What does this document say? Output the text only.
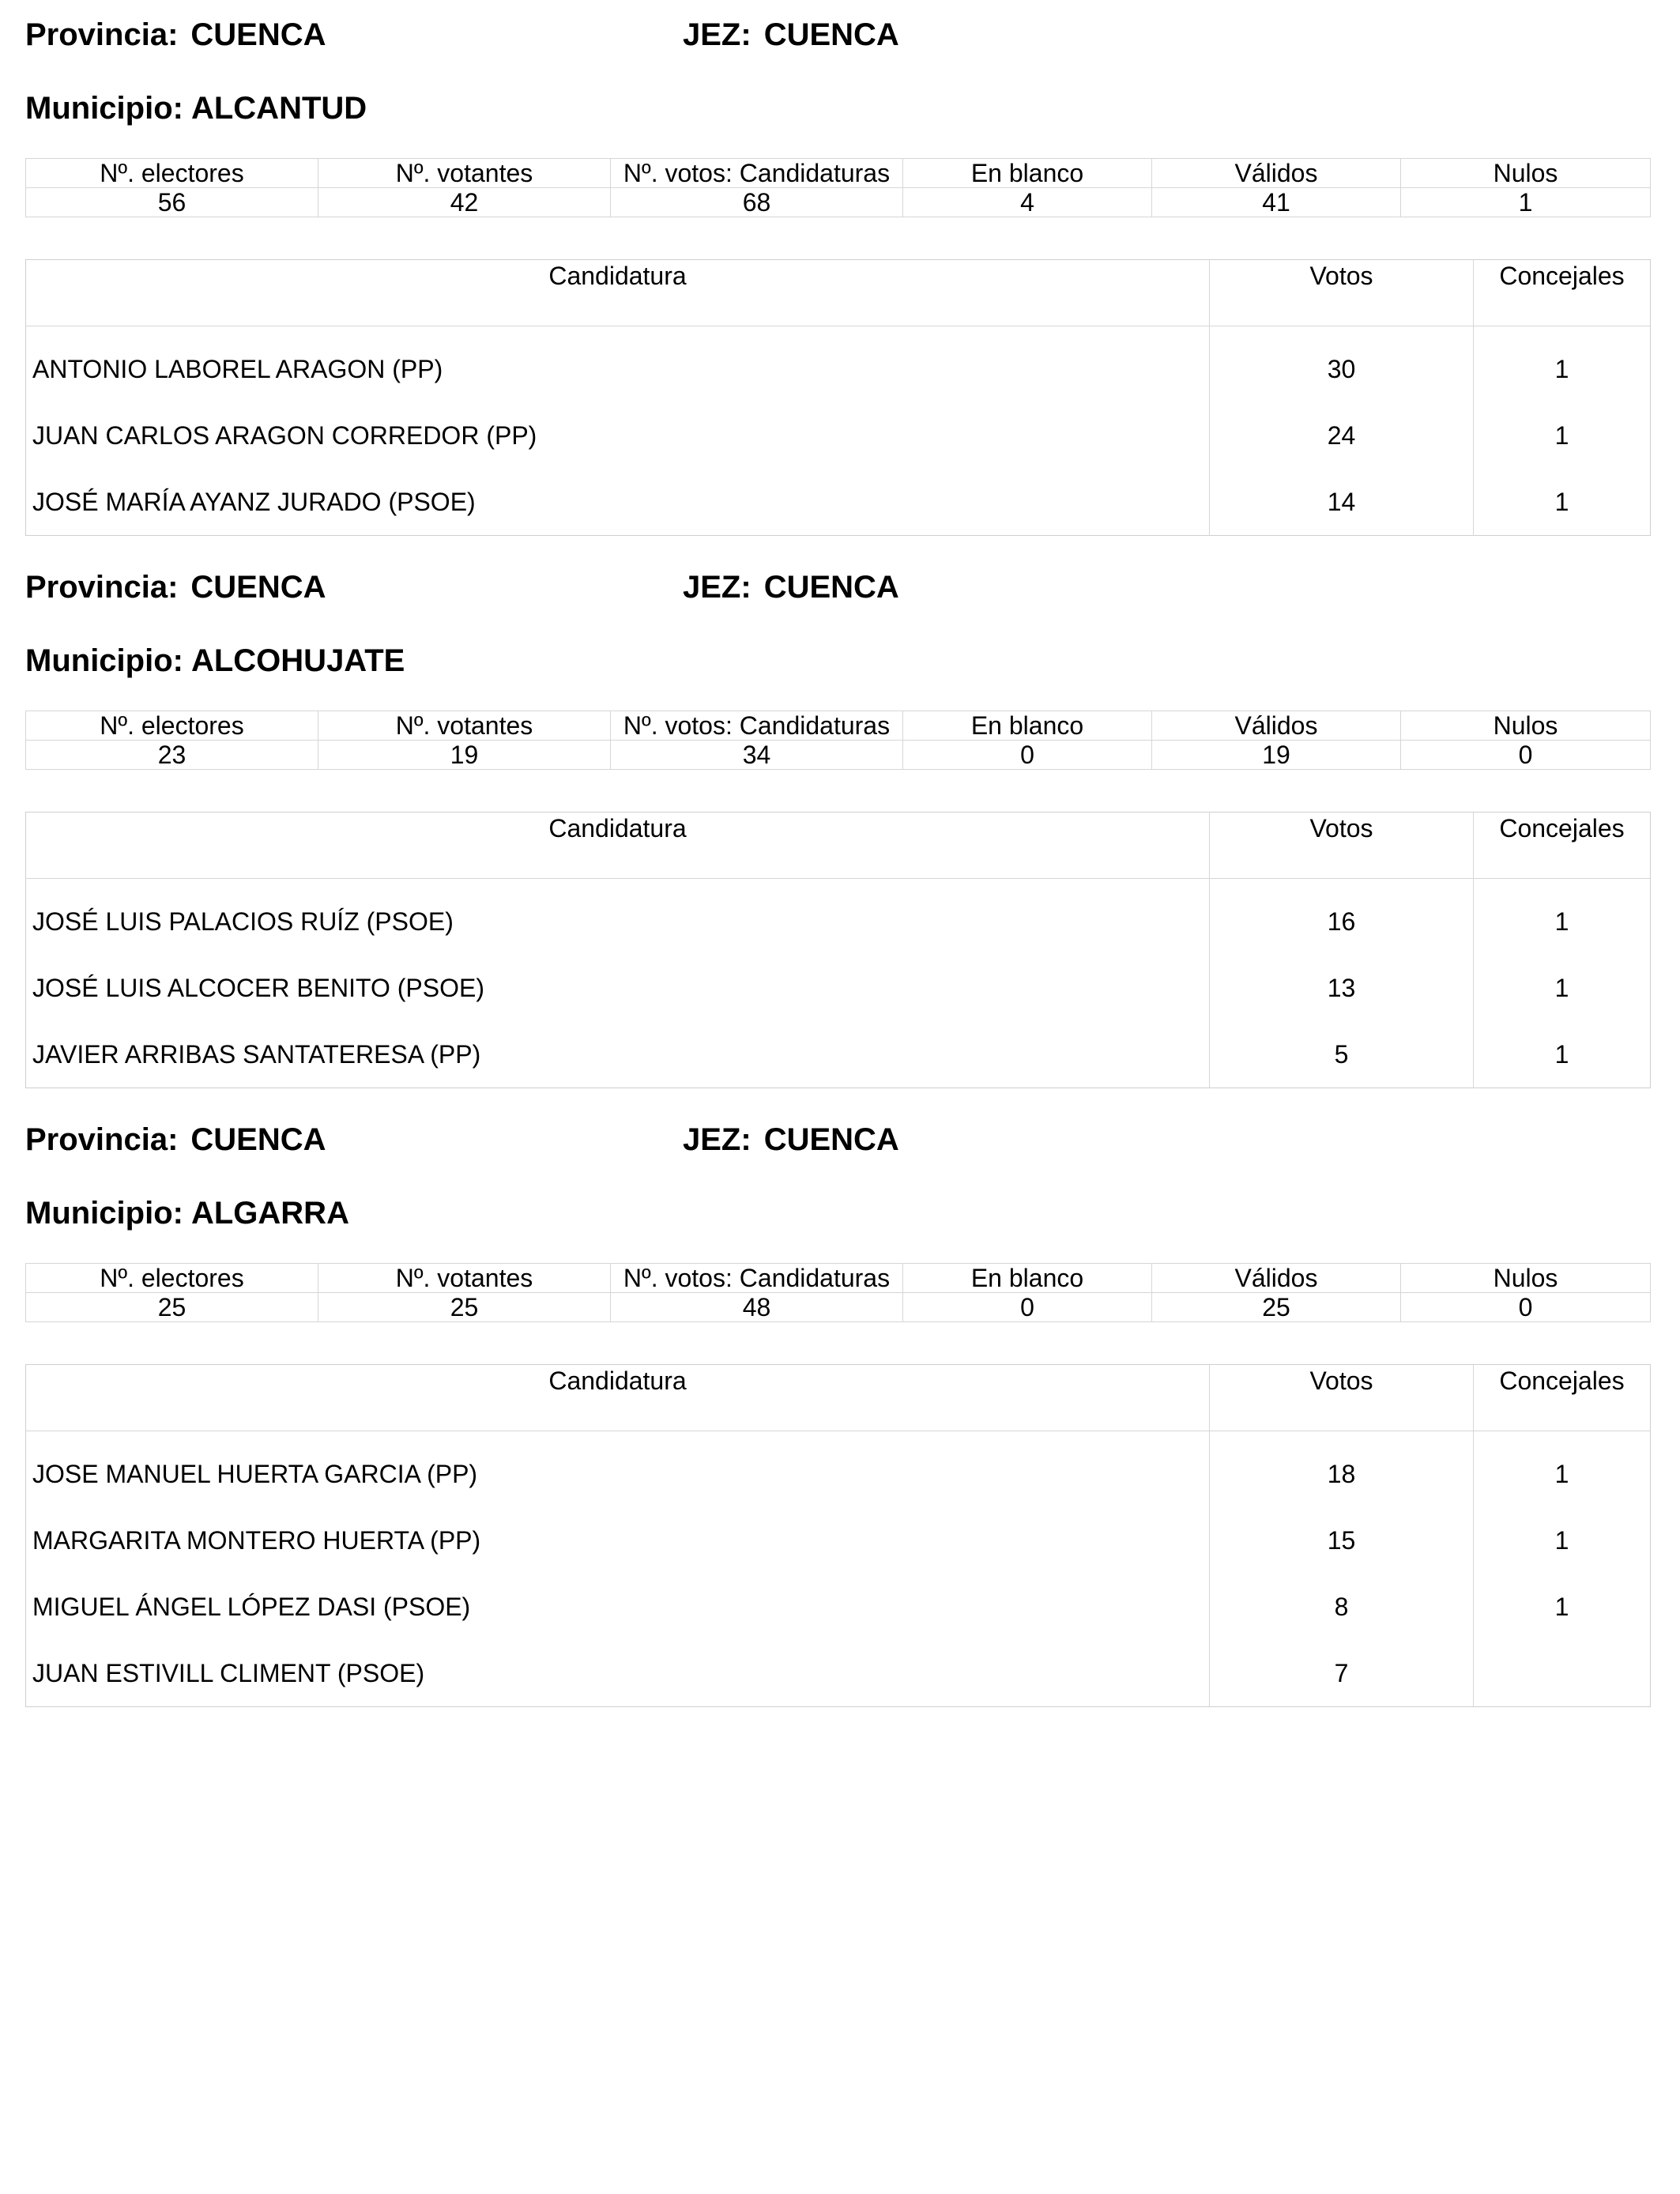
Provincia: CUENCA	JEZ: CUENCA
Municipio: ALCANTUD
Nº. electores	Nº. votantes	Nº. votos: Candidaturas	En blanco	Válidos	Nulos
56	42	68	4	41	1
Candidatura	Votos	Concejales
ANTONIO LABOREL ARAGON (PP)	30	1
JUAN CARLOS ARAGON CORREDOR (PP)	24	1
JOSÉ MARÍA AYANZ JURADO (PSOE)	14	1
Provincia: CUENCA	JEZ: CUENCA
Municipio: ALCOHUJATE
Nº. electores	Nº. votantes	Nº. votos: Candidaturas	En blanco	Válidos	Nulos
23	19	34	0	19	0
Candidatura	Votos	Concejales
JOSÉ LUIS PALACIOS RUÍZ (PSOE)	16	1
JOSÉ LUIS ALCOCER BENITO (PSOE)	13	1
JAVIER ARRIBAS SANTATERESA (PP)	5	1
Provincia: CUENCA	JEZ: CUENCA
Municipio: ALGARRA
Nº. electores	Nº. votantes	Nº. votos: Candidaturas	En blanco	Válidos	Nulos
25	25	48	0	25	0
Candidatura	Votos	Concejales
JOSE MANUEL HUERTA GARCIA (PP)	18	1
MARGARITA MONTERO HUERTA (PP)	15	1
MIGUEL ÁNGEL LÓPEZ DASI (PSOE)	8	1
JUAN ESTIVILL CLIMENT (PSOE)	7	
